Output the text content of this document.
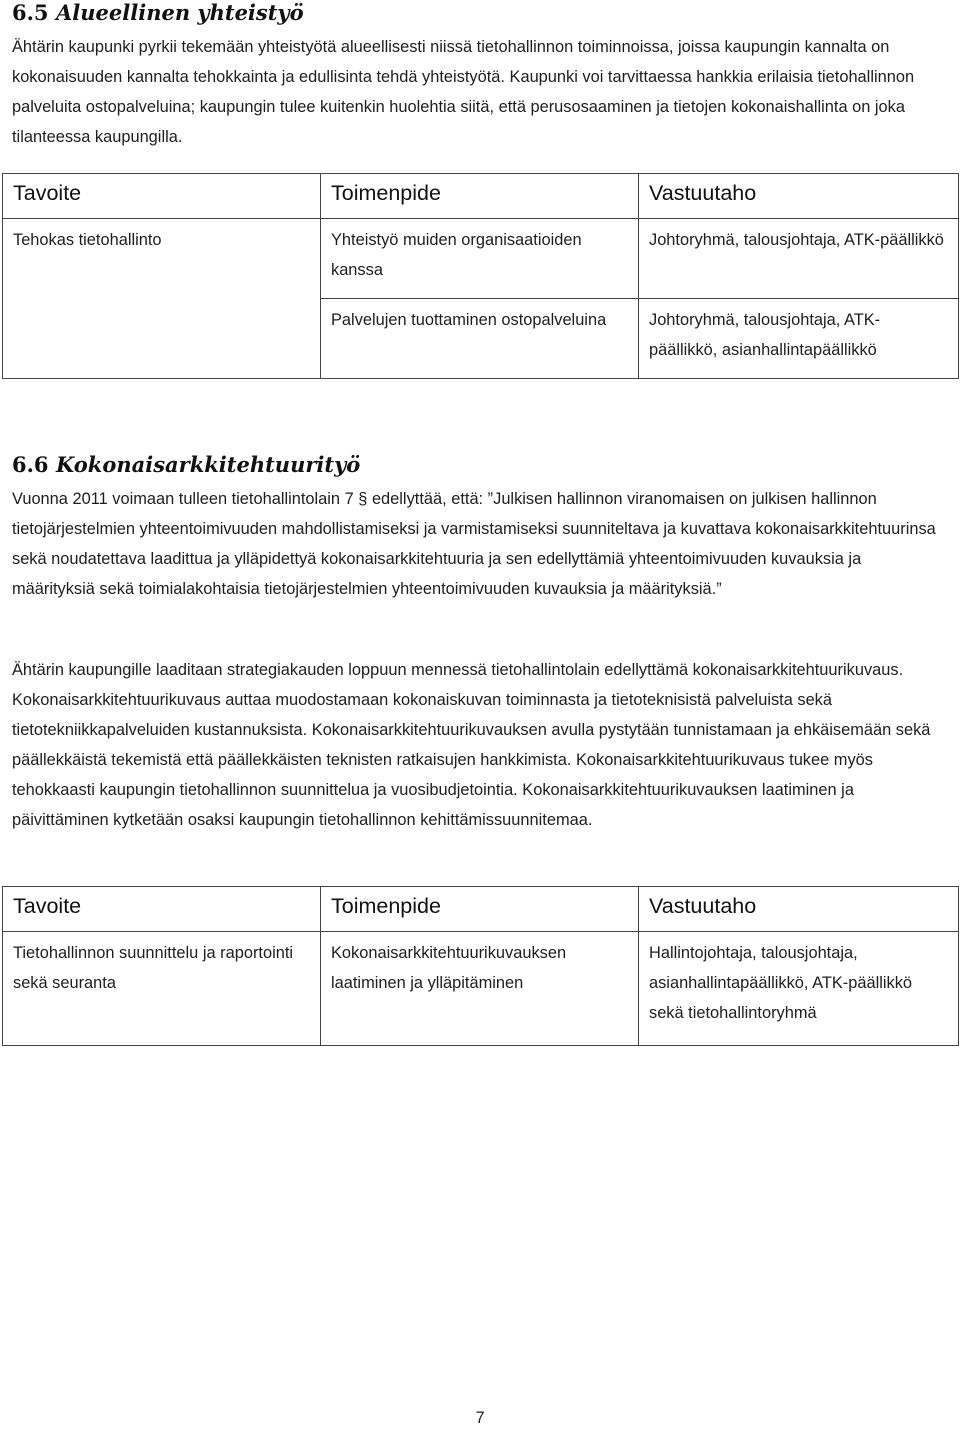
6.5 Alueellinen yhteistyö

Ähtärin kaupunki pyrkii tekemään yhteistyötä alueellisesti niissä tietohallinnon toiminnoissa, joissa kaupungin kannalta on kokonaisuuden kannalta tehokkainta ja edullisinta tehdä yhteistyötä. Kaupunki voi tarvittaessa hankkia erilaisia tietohallinnon palveluita ostopalveluina; kaupungin tulee kuitenkin huolehtia siitä, että perusosaaminen ja tietojen kokonaishallinta on joka tilanteessa kaupungilla.

Tavoite	Toimenpide	Vastuutaho
Tehokas tietohallinto	Yhteistyö muiden organisaatioiden kanssa	Johtoryhmä, talousjohtaja, ATK-päällikkö
	Palvelujen tuottaminen ostopalveluina	Johtoryhmä, talousjohtaja, ATK-päällikkö, asianhallintapäällikkö
6.6 Kokonaisarkkitehtuurityö

Vuonna 2011 voimaan tulleen tietohallintolain 7 § edellyttää, että: ”Julkisen hallinnon viranomaisen on julkisen hallinnon tietojärjestelmien yhteentoimivuuden mahdollistamiseksi ja varmistamiseksi suunniteltava ja kuvattava kokonaisarkkitehtuurinsa sekä noudatettava laadittua ja ylläpidettyä kokonaisarkkitehtuuria ja sen edellyttämiä yhteentoimivuuden kuvauksia ja määrityksiä sekä toimialakohtaisia tietojärjestelmien yhteentoimivuuden kuvauksia ja määrityksiä.”

Ähtärin kaupungille laaditaan strategiakauden loppuun mennessä tietohallintolain edellyttämä kokonaisarkkitehtuurikuvaus. Kokonaisarkkitehtuurikuvaus auttaa muodostamaan kokonaiskuvan toiminnasta ja tietoteknisistä palveluista sekä tietotekniikkapalveluiden kustannuksista. Kokonaisarkkitehtuurikuvauksen avulla pystytään tunnistamaan ja ehkäisemään sekä päällekkäistä tekemistä että päällekkäisten teknisten ratkaisujen hankkimista. Kokonaisarkkitehtuurikuvaus tukee myös tehokkaasti kaupungin tietohallinnon suunnittelua ja vuosibudjetointia. Kokonaisarkkitehtuurikuvauksen laatiminen ja päivittäminen kytketään osaksi kaupungin tietohallinnon kehittämissuunnitemaa.

Tavoite	Toimenpide	Vastuutaho
Tietohallinnon suunnittelu ja raportointi sekä seuranta	Kokonaisarkkitehtuurikuvauksen laatiminen ja ylläpitäminen	Hallintojohtaja, talousjohtaja, asianhallintapäällikkö, ATK-päällikkö sekä tietohallintoryhmä
7
